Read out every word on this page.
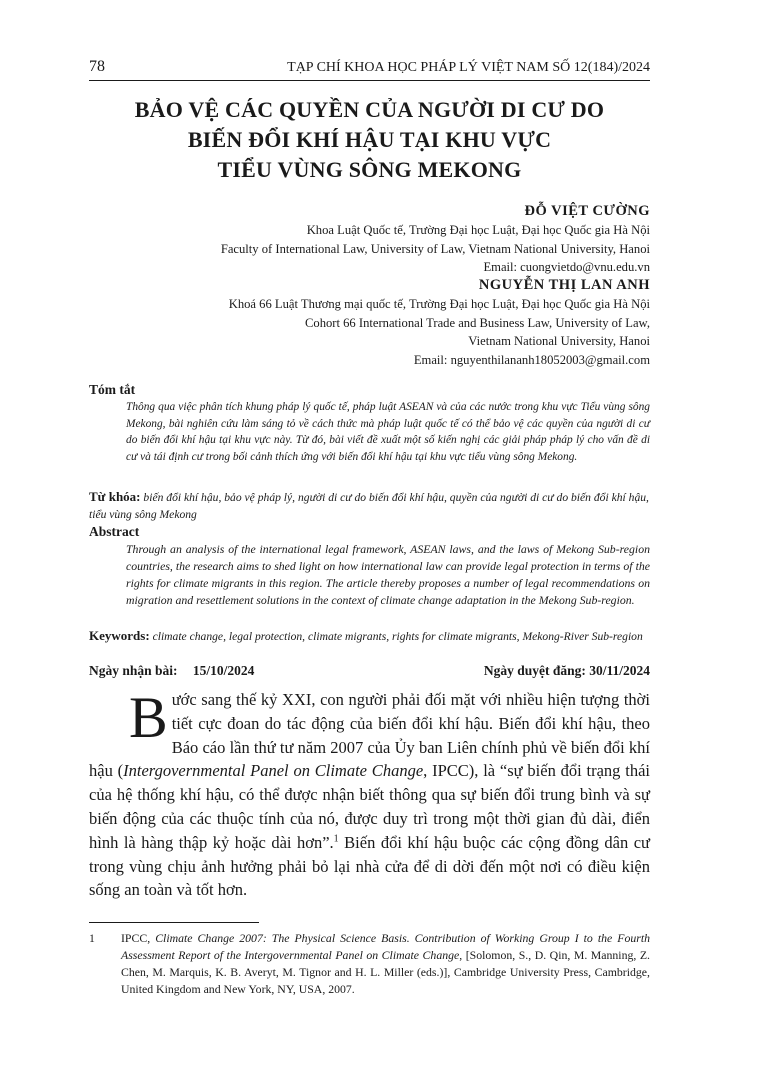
78	TẠP CHÍ KHOA HỌC PHÁP LÝ VIỆT NAM SỐ 12(184)/2024
BẢO VỆ CÁC QUYỀN CỦA NGƯỜI DI CƯ DO
BIẾN ĐỔI KHÍ HẬU TẠI KHU VỰC
TIỂU VÙNG SÔNG MEKONG
ĐỖ VIỆT CƯỜNG
Khoa Luật Quốc tế, Trường Đại học Luật, Đại học Quốc gia Hà Nội
Faculty of International Law, University of Law, Vietnam National University, Hanoi
Email: cuongvietdo@vnu.edu.vn
NGUYỄN THỊ LAN ANH
Khoá 66 Luật Thương mại quốc tế, Trường Đại học Luật, Đại học Quốc gia Hà Nội
Cohort 66 International Trade and Business Law, University of Law,
Vietnam National University, Hanoi
Email: nguyenthilananh18052003@gmail.com
Tóm tắt
Thông qua việc phân tích khung pháp lý quốc tế, pháp luật ASEAN và của các nước trong khu vực Tiểu vùng sông Mekong, bài nghiên cứu làm sáng tỏ về cách thức mà pháp luật quốc tế có thể bảo vệ các quyền của người di cư do biến đổi khí hậu tại khu vực này. Từ đó, bài viết đề xuất một số kiến nghị các giải pháp pháp lý cho vấn đề di cư và tái định cư trong bối cảnh thích ứng với biến đổi khí hậu tại khu vực tiểu vùng sông Mekong.
Từ khóa: biến đổi khí hậu, bảo vệ pháp lý, người di cư do biến đổi khí hậu, quyền của người di cư do biến đổi khí hậu, tiểu vùng sông Mekong
Abstract
Through an analysis of the international legal framework, ASEAN laws, and the laws of Mekong Sub-region countries, the research aims to shed light on how international law can provide legal protection in terms of the rights for climate migrants in this region. The article thereby proposes a number of legal recommendations on migration and resettlement solutions in the context of climate change adaptation in the Mekong Sub-region.
Keywords: climate change, legal protection, climate migrants, rights for climate migrants, Mekong-River Sub-region
Ngày nhận bài: 15/10/2024	Ngày duyệt đăng: 30/11/2024
Bước sang thế kỷ XXI, con người phải đối mặt với nhiều hiện tượng thời tiết cực đoan do tác động của biến đổi khí hậu. Biến đổi khí hậu, theo Báo cáo lần thứ tư năm 2007 của Ủy ban Liên chính phủ về biến đổi khí hậu (Intergovernmental Panel on Climate Change, IPCC), là “sự biến đổi trạng thái của hệ thống khí hậu, có thể được nhận biết thông qua sự biến đổi trung bình và sự biến động của các thuộc tính của nó, được duy trì trong một thời gian đủ dài, điển hình là hàng thập kỷ hoặc dài hơn”.$^1$ Biến đổi khí hậu buộc các cộng đồng dân cư trong vùng chịu ảnh hưởng phải bỏ lại nhà cửa để di dời đến một nơi có điều kiện sống an toàn và tốt hơn.
1	IPCC, Climate Change 2007: The Physical Science Basis. Contribution of Working Group I to the Fourth Assessment Report of the Intergovernmental Panel on Climate Change, [Solomon, S., D. Qin, M. Manning, Z. Chen, M. Marquis, K. B. Averyt, M. Tignor and H. L. Miller (eds.)], Cambridge University Press, Cambridge, United Kingdom and New York, NY, USA, 2007.
